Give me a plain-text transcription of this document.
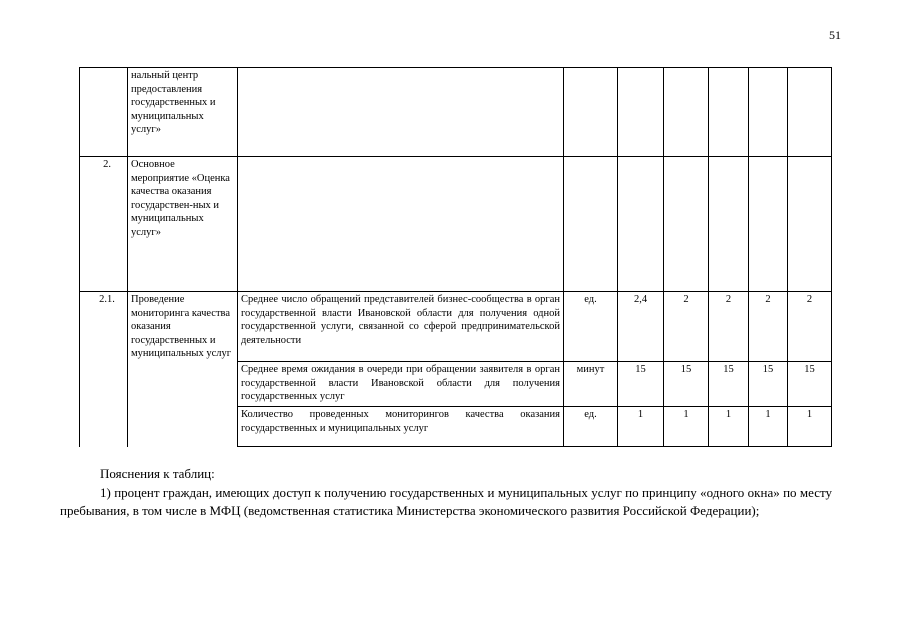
51
	нальный центр предоставления государственных и муниципальных услуг»							
2.	Основное мероприятие «Оценка качества оказания государствен-ных и муниципальных услуг»							
2.1.	Проведение мониторинга качества оказания государственных и муниципальных услуг	Среднее число обращений представителей бизнес-сообщества в орган государственной власти Ивановской области для получения одной государственной услуги, связанной со сферой предпринимательской деятельности	ед.	2,4	2	2	2	2
		Среднее время ожидания в очереди при обращении заявителя в орган государственной власти Ивановской области для получения государственных услуг	минут	15	15	15	15	15
		Количество проведенных мониторингов качества оказания государственных и муниципальных услуг	ед.	1	1	1	1	1

Пояснения к таблиц:

1) процент граждан, имеющих доступ к получению государственных и муниципальных услуг по принципу «одного окна» по месту пребывания, в том числе в МФЦ (ведомственная статистика Министерства экономического развития Российской Федерации);
